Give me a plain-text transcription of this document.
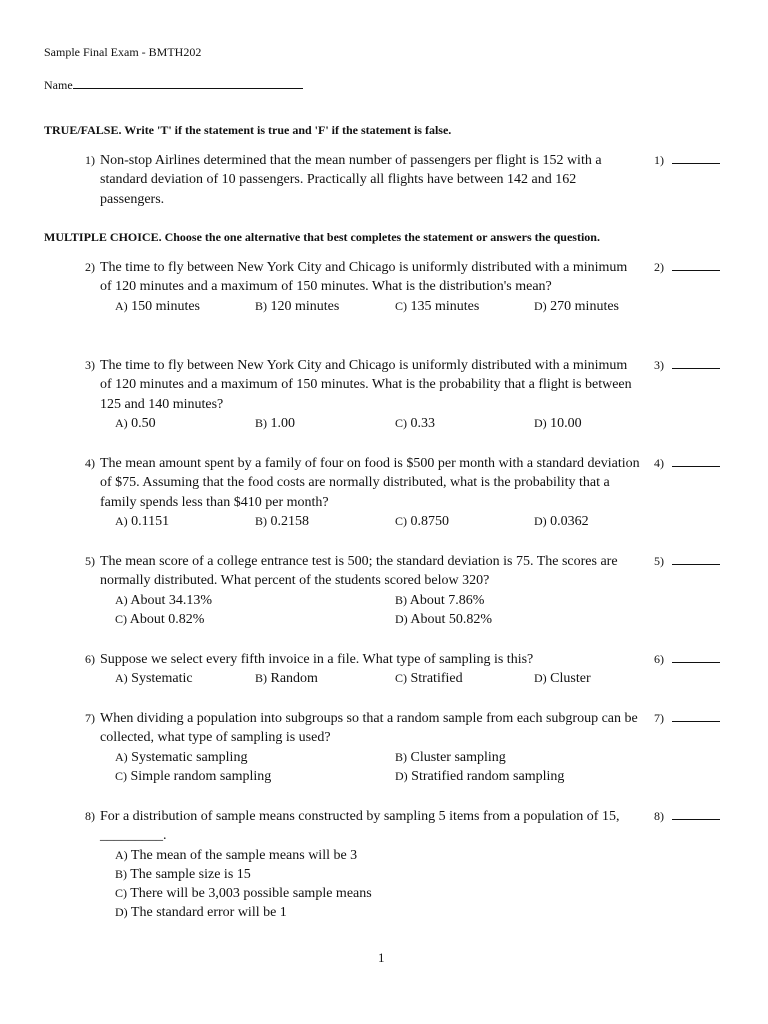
Sample Final Exam - BMTH202
Name
TRUE/FALSE. Write 'T' if the statement is true and 'F' if the statement is false.
MULTIPLE CHOICE. Choose the one alternative that best completes the statement or answers the question.
1) Non-stop Airlines determined that the mean number of passengers per flight is 152 with a standard deviation of 10 passengers. Practically all flights have between 142 and 162 passengers.
1)
2) The time to fly between New York City and Chicago is uniformly distributed with a minimum of 120 minutes and a maximum of 150 minutes. What is the distribution's mean?
A) 150 minutes	B) 120 minutes	C) 135 minutes	D) 270 minutes
2)
3) The time to fly between New York City and Chicago is uniformly distributed with a minimum of 120 minutes and a maximum of 150 minutes. What is the probability that a flight is between 125 and 140 minutes?
A) 0.50	B) 1.00	C) 0.33	D) 10.00
3)
4) The mean amount spent by a family of four on food is $500 per month with a standard deviation of $75. Assuming that the food costs are normally distributed, what is the probability that a family spends less than $410 per month?
A) 0.1151	B) 0.2158	C) 0.8750	D) 0.0362
4)
5) The mean score of a college entrance test is 500; the standard deviation is 75. The scores are normally distributed. What percent of the students scored below 320?
A) About 34.13%	B) About 7.86%
C) About 0.82%	D) About 50.82%
5)
6) Suppose we select every fifth invoice in a file. What type of sampling is this?
A) Systematic	B) Random	C) Stratified	D) Cluster
6)
7) When dividing a population into subgroups so that a random sample from each subgroup can be collected, what type of sampling is used?
A) Systematic sampling	B) Cluster sampling
C) Simple random sampling	D) Stratified random sampling
7)
8) For a distribution of sample means constructed by sampling 5 items from a population of 15, _________.
A) The mean of the sample means will be 3
B) The sample size is 15
C) There will be 3,003 possible sample means
D) The standard error will be 1
8)
1
